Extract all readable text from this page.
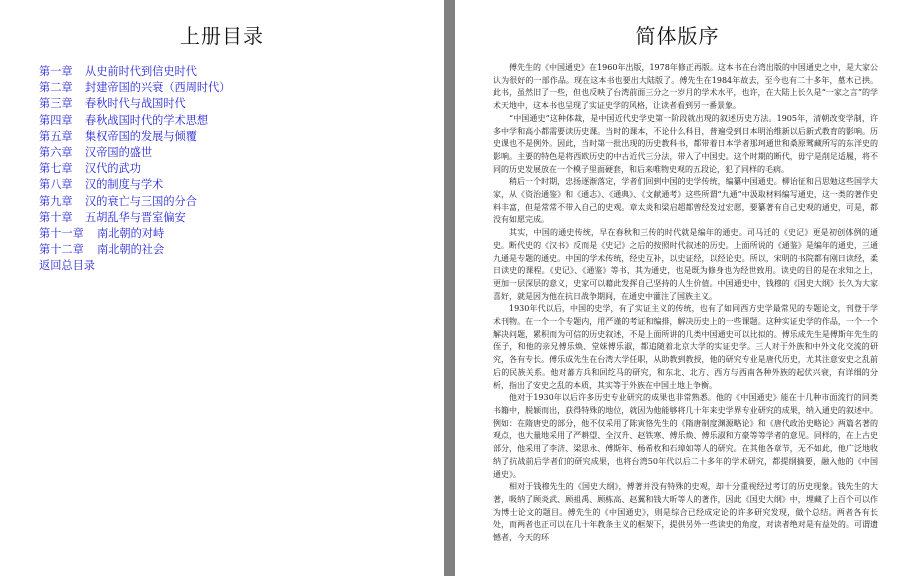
上册目录
第一章 从史前时代到信史时代
第二章 封建帝国的兴衰（西周时代）
第三章 春秋时代与战国时代
第四章 春秋战国时代的学术思想
第五章 集权帝国的发展与倾覆
第六章 汉帝国的盛世
第七章 汉代的武功
第八章 汉的制度与学术
第九章 汉的衰亡与三国的分合
第十章 五胡乱华与晋室偏安
第十一章 南北朝的对峙
第十二章 南北朝的社会
返回总目录
简体版序

傅先生的《中国通史》在1960年出版，1978年修正再版。这本书在台湾出版的中国通史之中，是大家公认为很好的一部作品。现在这本书也要出大陆版了。傅先生在1984年故去，至今也有二十多年，墓木已拱。此书，虽然旧了一些，但也反映了台湾前面三分之一岁月的学术水平，也许，在大陆上长久是“一家之言”的学术天地中，这本书也呈现了实证史学的风格，让读者看到另一番景象。

“中国通史”这种体裁，是中国近代史学史第一阶段就出现的叙述历史方法。1905年，清朝改变学制，许多中学和高小都需要读历史课。当时的课本，不论什么科目，普遍受到日本明治维新以后新式教育的影响。历史课也不是例外。因此，当时第一批出现的历史教科书，都带着日本学者那珂通世和桑原骘藏所写的东洋史的影响。主要的特色是将西欧历史的中古近代三分法，带入了中国史。这个时期的断代，毋宁是削足适履，将不同的历史发展放在一个模子里面硬套，和后来唯物史观的五段论，犯了同样的毛病。

稍后一个时期，忠扬逐渐落定，学者们回到中国的史学传统，编纂中国通史。柳诒征和吕思勉这些国学大家，从《资治通鉴》和《通志》、《通典》、《文献通考》这些所谓“九通”中汲取材料编写通史，这一类的著作史料丰富，但是常常不带入自己的史观。章太炎和梁启超都曾经发过宏愿，要纂著有自己史观的通史，可是，都没有如愿完成。

其实，中国的通史传统，早在春秋和三传的时代就是编年的通史。司马迁的《史记》更是初创体例的通史。断代史的《汉书》反而是《史记》之后的按照时代叙述的历史。上面所说的《通鉴》是编年的通史，三通九通是专题的通史。中国的学术传统，经史互补，以史证经，以经论史。所以，宋明的书院都有刚日读经，柔日读史的课程。《史记》、《通鉴》等书，其为通史，也是既为修身也为经世致用。读史的目的是在求知之上，更加一层深层的意义，史家可以藉此发挥自己坚持的人生价值。中国通史中，钱穆的《国史大纲》长久为大家喜好，就是因为他在抗日战争期间，在通史中灌注了国族主义。

1930年代以后，中国的史学，有了实证主义的传统，也有了如同西方史学最常见的专题论文，刊登于学术刊物。在一个一个专题内，用严谨的考证和编排，解决历史上的一些课题。这种实证史学的作品，一个一个解决问题，累积而为可信的历史叙述，不是上面所讲的几类中国通史可以比拟的。傅乐成先生是傅斯年先生的侄子，和他的亲兄傅乐焕、堂妹傅乐淑，都追随着北京大学的实证史学。三人对于外族和中外文化交流的研究，各有专长。傅乐成先生在台湾大学任职，从助教到教授，他的研究专业是唐代历史，尤其注意安史之乱前后的民族关系。他对蕃方兵和回纥马的研究，和东北、北方、西方与西南各种外族的起伏兴衰，有详细的分析，指出了安史之乱的本质，其实等于外族在中国土地上争衡。

他对于1930年以后许多历史专业研究的成果也非常熟悉。他的《中国通史》能在十几种市面流行的同类书籍中，脱颖而出，获得特殊的地位，就因为他能够将几十年来史学界专业研究的成果，纳入通史的叙述中。例如：在隋唐史的部分，他不仅采用了陈寅恪先生的《隋唐制度渊源略论》和《唐代政治史略论》两篇名著的观点，也大量地采用了严耕望、全汉升、赵铁寒、傅乐焕、傅乐淑和方豪等等学者的意见。同样的，在上古史部分，他采用了李济、梁思永、傅斯年、杨希枚和石璋如等人的研究。在其他各章节，无不如此，他广泛地收纳了抗战前后学者们的研究成果，也将台湾50年代以后二十多年的学术研究，都提纲摘要，融入他的《中国通史》。

相对于钱穆先生的《国史大纲》，傅著并没有特殊的史观，却十分重视经过考订的历史现象。钱先生的大著，吸纳了顾炎武、顾祖禹、顾栋高、赵翼和钱大昕等人的著作，因此《国史大纲》中，埋藏了上百个可以作为博士论文的题目。傅先生的《中国通史》，则是综合已经成定论的许多研究发现，做个总结。两者各有长处，而两者也正可以在几十年教条主义的框架下，提供另外一些读史的角度，对读者绝对是有益处的。可谓遗憾者，今天的环
